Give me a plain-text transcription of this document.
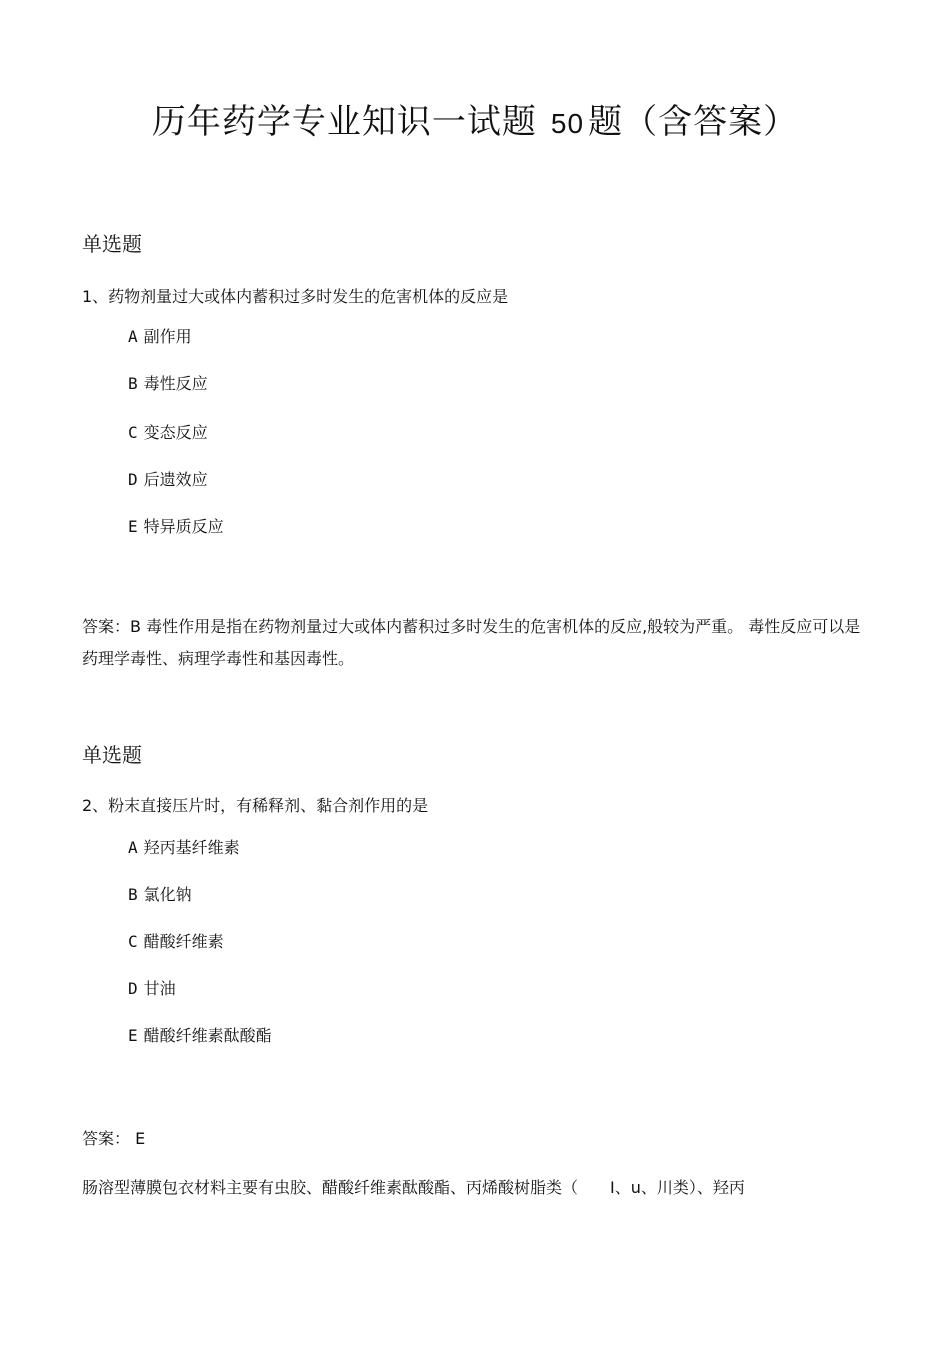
历年药学专业知识一试题 50 题（含答案）
单选题
1、药物剂量过大或体内蓄积过多时发生的危害机体的反应是
A 副作用
B 毒性反应
C 变态反应
D 后遗效应
E 特异质反应
答案：B 毒性作用是指在药物剂量过大或体内蓄积过多时发生的危害机体的反应,般较为严重。 毒性反应可以是药理学毒性、病理学毒性和基因毒性。
单选题
2、粉末直接压片时，有稀释剂、黏合剂作用的是
A 羟丙基纤维素
B 氯化钠
C 醋酸纤维素
D 甘油
E 醋酸纤维素酞酸酯
答案： E
肠溶型薄膜包衣材料主要有虫胶、醋酸纤维素酞酸酯、丙烯酸树脂类（　　I、u、川类）、羟丙
